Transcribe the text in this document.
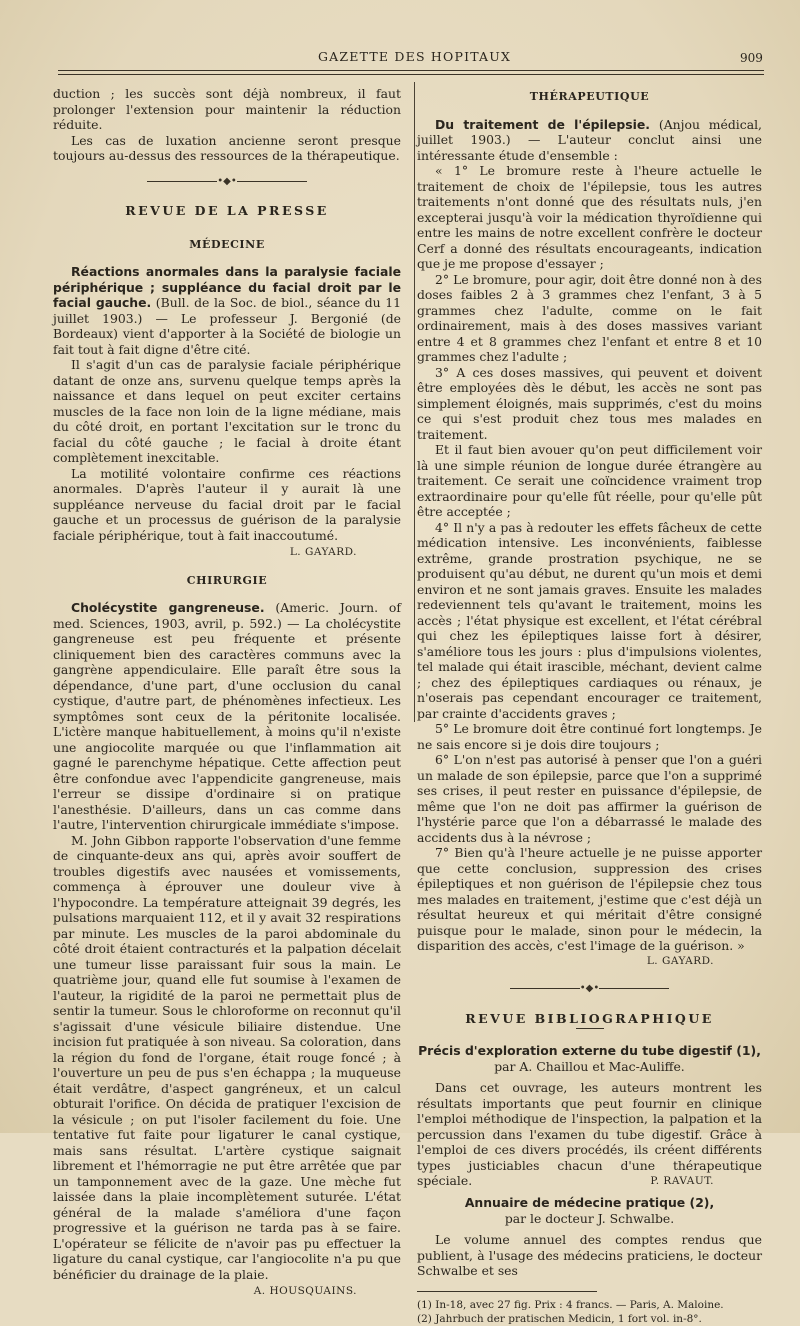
GAZETTE DES HOPITAUX	909

duction ; les succès sont déjà nombreux, il faut prolonger l'extension pour maintenir la réduction réduite.

Les cas de luxation ancienne seront presque toujours au-dessus des ressources de la thérapeutique.

•◆•
REVUE DE LA PRESSE
MÉDECINE

Réactions anormales dans la paralysie faciale périphérique ; suppléance du facial droit par le facial gauche. (Bull. de la Soc. de biol., séance du 11 juillet 1903.) — Le professeur J. Bergonié (de Bordeaux) vient d'apporter à la Société de biologie un fait tout à fait digne d'être cité.

Il s'agit d'un cas de paralysie faciale périphérique datant de onze ans, survenu quelque temps après la naissance et dans lequel on peut exciter certains muscles de la face non loin de la ligne médiane, mais du côté droit, en portant l'excitation sur le tronc du facial du côté gauche ; le facial à droite étant complètement inexcitable.

La motilité volontaire confirme ces réactions anormales. D'après l'auteur il y aurait là une suppléance nerveuse du facial droit par le facial gauche et un processus de guérison de la paralysie faciale périphérique, tout à fait inaccoutumé.

L. GAYARD.
CHIRURGIE

Cholécystite gangreneuse. (Americ. Journ. of med. Sciences, 1903, avril, p. 592.) — La cholécystite gangreneuse est peu fréquente et présente cliniquement bien des caractères communs avec la gangrène appendiculaire. Elle paraît être sous la dépendance, d'une part, d'une occlusion du canal cystique, d'autre part, de phénomènes infectieux. Les symptômes sont ceux de la péritonite localisée. L'ictère manque habituellement, à moins qu'il n'existe une angiocolite marquée ou que l'inflammation ait gagné le parenchyme hépatique. Cette affection peut être confondue avec l'appendicite gangreneuse, mais l'erreur se dissipe d'ordinaire si on pratique l'anesthésie. D'ailleurs, dans un cas comme dans l'autre, l'intervention chirurgicale immédiate s'impose.

M. John Gibbon rapporte l'observation d'une femme de cinquante-deux ans qui, après avoir souffert de troubles digestifs avec nausées et vomissements, commença à éprouver une douleur vive à l'hypocondre. La température atteignait 39 degrés, les pulsations marquaient 112, et il y avait 32 respirations par minute. Les muscles de la paroi abdominale du côté droit étaient contracturés et la palpation décelait une tumeur lisse paraissant fuir sous la main. Le quatrième jour, quand elle fut soumise à l'examen de l'auteur, la rigidité de la paroi ne permettait plus de sentir la tumeur. Sous le chloroforme on reconnut qu'il s'agissait d'une vésicule biliaire distendue. Une incision fut pratiquée à son niveau. Sa coloration, dans la région du fond de l'organe, était rouge foncé ; à l'ouverture un peu de pus s'en échappa ; la muqueuse était verdâtre, d'aspect gangréneux, et un calcul obturait l'orifice. On décida de pratiquer l'excision de la vésicule ; on put l'isoler facilement du foie. Une tentative fut faite pour ligaturer le canal cystique, mais sans résultat. L'artère cystique saignait librement et l'hémorragie ne put être arrêtée que par un tamponnement avec de la gaze. Une mèche fut laissée dans la plaie incomplètement suturée. L'état général de la malade s'améliora d'une façon progressive et la guérison ne tarda pas à se faire. L'opérateur se félicite de n'avoir pas pu effectuer la ligature du canal cystique, car l'angiocolite n'a pu que bénéficier du drainage de la plaie.

A. HOUSQUAINS.
THÉRAPEUTIQUE

Du traitement de l'épilepsie. (Anjou médical, juillet 1903.) — L'auteur conclut ainsi une intéressante étude d'ensemble :

« 1° Le bromure reste à l'heure actuelle le traitement de choix de l'épilepsie, tous les autres traitements n'ont donné que des résultats nuls, j'en excepterai jusqu'à voir la médication thyroïdienne qui entre les mains de notre excellent confrère le docteur Cerf a donné des résultats encourageants, indication que je me propose d'essayer ;

2° Le bromure, pour agir, doit être donné non à des doses faibles 2 à 3 grammes chez l'enfant, 3 à 5 grammes chez l'adulte, comme on le fait ordinairement, mais à des doses massives variant entre 4 et 8 grammes chez l'enfant et entre 8 et 10 grammes chez l'adulte ;

3° A ces doses massives, qui peuvent et doivent être employées dès le début, les accès ne sont pas simplement éloignés, mais supprimés, c'est du moins ce qui s'est produit chez tous mes malades en traitement.

Et il faut bien avouer qu'on peut difficilement voir là une simple réunion de longue durée étrangère au traitement. Ce serait une coïncidence vraiment trop extraordinaire pour qu'elle fût réelle, pour qu'elle pût être acceptée ;

4° Il n'y a pas à redouter les effets fâcheux de cette médication intensive. Les inconvénients, faiblesse extrême, grande prostration psychique, ne se produisent qu'au début, ne durent qu'un mois et demi environ et ne sont jamais graves. Ensuite les malades redeviennent tels qu'avant le traitement, moins les accès ; l'état physique est excellent, et l'état cérébral qui chez les épileptiques laisse fort à désirer, s'améliore tous les jours : plus d'impulsions violentes, tel malade qui était irascible, méchant, devient calme ; chez des épileptiques cardiaques ou rénaux, je n'oserais pas cependant encourager ce traitement, par crainte d'accidents graves ;

5° Le bromure doit être continué fort longtemps. Je ne sais encore si je dois dire toujours ;

6° L'on n'est pas autorisé à penser que l'on a guéri un malade de son épilepsie, parce que l'on a supprimé ses crises, il peut rester en puissance d'épilepsie, de même que l'on ne doit pas affirmer la guérison de l'hystérie parce que l'on a débarrassé le malade des accidents dus à la névrose ;

7° Bien qu'à l'heure actuelle je ne puisse apporter que cette conclusion, suppression des crises épileptiques et non guérison de l'épilepsie chez tous mes malades en traitement, j'estime que c'est déjà un résultat heureux et qui méritait d'être consigné puisque pour le malade, sinon pour le médecin, la disparition des accès, c'est l'image de la guérison. »

L. GAYARD.
•◆•
REVUE BIBLIOGRAPHIQUE
Précis d'exploration externe du tube digestif (1),
par A. Chaillou et Mac-Auliffe.

Dans cet ouvrage, les auteurs montrent les résultats importants que peut fournir en clinique l'emploi méthodique de l'inspection, la palpation et la percussion dans l'examen du tube digestif. Grâce à l'emploi de ces divers procédés, ils créent différents types justiciables chacun d'une thérapeutique spéciale.	P. RAVAUT.
Annuaire de médecine pratique (2),
par le docteur J. Schwalbe.

Le volume annuel des comptes rendus que publient, à l'usage des médecins praticiens, le docteur Schwalbe et ses

(1) In-18, avec 27 fig. Prix : 4 francs. — Paris, A. Maloine.
(2) Jahrbuch der pratischen Medicin, 1 fort vol. in-8°.
